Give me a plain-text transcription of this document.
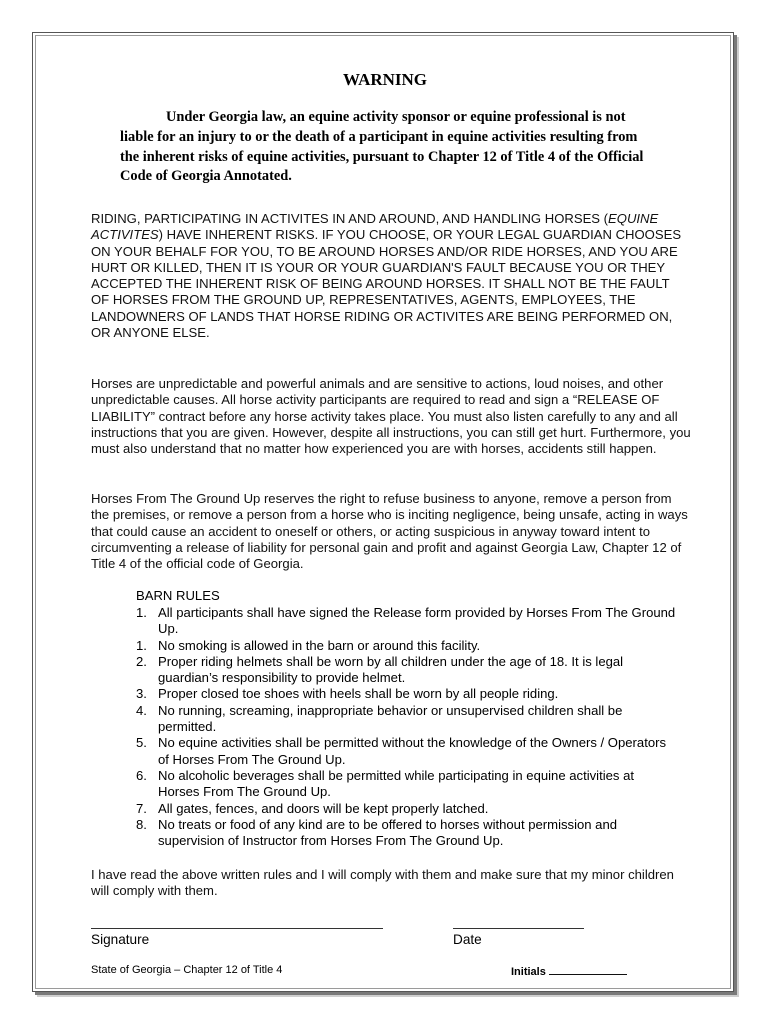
WARNING
Under Georgia law, an equine activity sponsor or equine professional is not liable for an injury to or the death of a participant in equine activities resulting from the inherent risks of equine activities, pursuant to Chapter 12 of Title 4 of the Official Code of Georgia Annotated.
RIDING, PARTICIPATING IN ACTIVITES IN AND AROUND, AND HANDLING HORSES (EQUINE ACTIVITES) HAVE INHERENT RISKS. IF YOU CHOOSE, OR YOUR LEGAL GUARDIAN CHOOSES ON YOUR BEHALF FOR YOU, TO BE AROUND HORSES AND/OR RIDE HORSES, AND YOU ARE HURT OR KILLED, THEN IT IS YOUR OR YOUR GUARDIAN'S FAULT BECAUSE YOU OR THEY ACCEPTED THE INHERENT RISK OF BEING AROUND HORSES. IT SHALL NOT BE THE FAULT OF HORSES FROM THE GROUND UP, REPRESENTATIVES, AGENTS, EMPLOYEES, THE LANDOWNERS OF LANDS THAT HORSE RIDING OR ACTIVITES ARE BEING PERFORMED ON, OR ANYONE ELSE.
Horses are unpredictable and powerful animals and are sensitive to actions, loud noises, and other unpredictable causes. All horse activity participants are required to read and sign a “RELEASE OF LIABILITY” contract before any horse activity takes place. You must also listen carefully to any and all instructions that you are given. However, despite all instructions, you can still get hurt. Furthermore, you must also understand that no matter how experienced you are with horses, accidents still happen.
Horses From The Ground Up reserves the right to refuse business to anyone, remove a person from the premises, or remove a person from a horse who is inciting negligence, being unsafe, acting in ways that could cause an accident to oneself or others, or acting suspicious in anyway toward intent to circumventing a release of liability for personal gain and profit and against Georgia Law, Chapter 12 of Title 4 of the official code of Georgia.
BARN RULES
1. All participants shall have signed the Release form provided by Horses From The Ground Up.
1. No smoking is allowed in the barn or around this facility.
2. Proper riding helmets shall be worn by all children under the age of 18. It is legal guardian’s responsibility to provide helmet.
3. Proper closed toe shoes with heels shall be worn by all people riding.
4. No running, screaming, inappropriate behavior or unsupervised children shall be permitted.
5. No equine activities shall be permitted without the knowledge of the Owners / Operators of Horses From The Ground Up.
6. No alcoholic beverages shall be permitted while participating in equine activities at Horses From The Ground Up.
7. All gates, fences, and doors will be kept properly latched.
8. No treats or food of any kind are to be offered to horses without permission and supervision of Instructor from Horses From The Ground Up.
I have read the above written rules and I will comply with them and make sure that my minor children will comply with them.
Signature	Date
State of Georgia – Chapter 12 of Title 4	Initials
